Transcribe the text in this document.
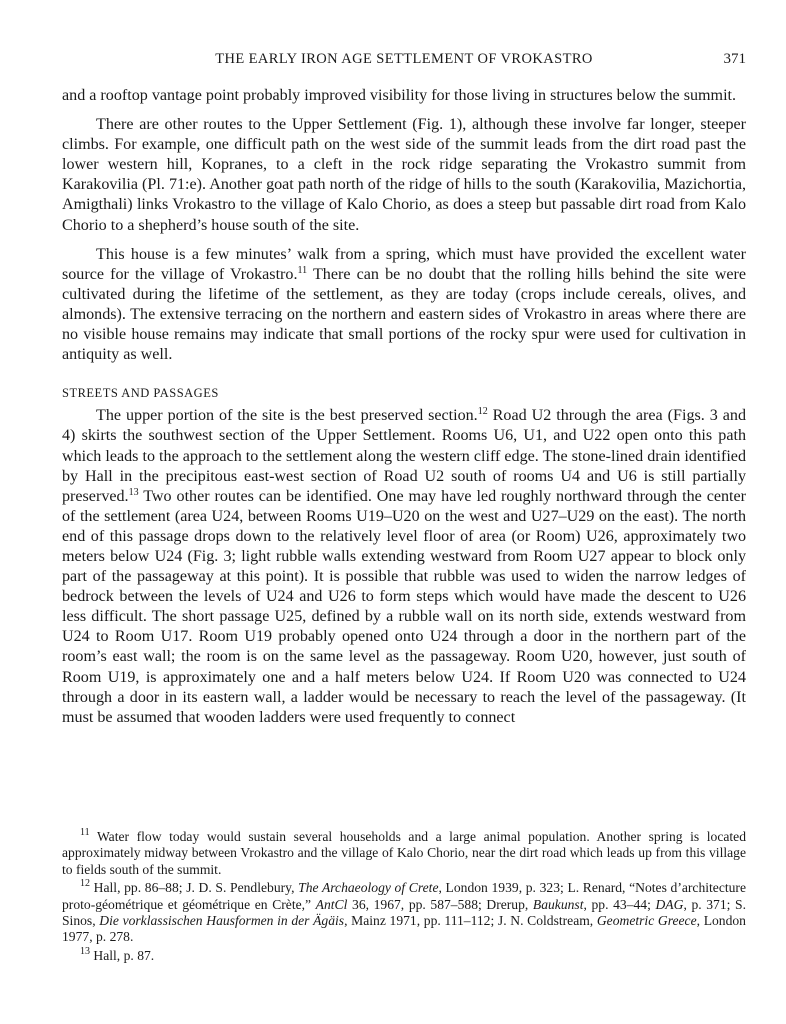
THE EARLY IRON AGE SETTLEMENT OF VROKASTRO	371

and a rooftop vantage point probably improved visibility for those living in structures below the summit.

There are other routes to the Upper Settlement (Fig. 1), although these involve far longer, steeper climbs. For example, one difficult path on the west side of the summit leads from the dirt road past the lower western hill, Kopranes, to a cleft in the rock ridge separating the Vrokastro summit from Karakovilia (Pl. 71:e). Another goat path north of the ridge of hills to the south (Karakovilia, Mazichortia, Amigthali) links Vrokastro to the village of Kalo Chorio, as does a steep but passable dirt road from Kalo Chorio to a shepherd’s house south of the site.

This house is a few minutes’ walk from a spring, which must have provided the excellent water source for the village of Vrokastro.$^{11}$ There can be no doubt that the rolling hills behind the site were cultivated during the lifetime of the settlement, as they are today (crops include cereals, olives, and almonds). The extensive terracing on the northern and eastern sides of Vrokastro in areas where there are no visible house remains may indicate that small portions of the rocky spur were used for cultivation in antiquity as well.

STREETS AND PASSAGES

The upper portion of the site is the best preserved section.$^{12}$ Road U2 through the area (Figs. 3 and 4) skirts the southwest section of the Upper Settlement. Rooms U6, U1, and U22 open onto this path which leads to the approach to the settlement along the western cliff edge. The stone-lined drain identified by Hall in the precipitous east-west section of Road U2 south of rooms U4 and U6 is still partially preserved.$^{13}$ Two other routes can be identified. One may have led roughly northward through the center of the settlement (area U24, between Rooms U19–U20 on the west and U27–U29 on the east). The north end of this passage drops down to the relatively level floor of area (or Room) U26, approximately two meters below U24 (Fig. 3; light rubble walls extending westward from Room U27 appear to block only part of the passageway at this point). It is possible that rubble was used to widen the narrow ledges of bedrock between the levels of U24 and U26 to form steps which would have made the descent to U26 less difficult. The short passage U25, defined by a rubble wall on its north side, extends westward from U24 to Room U17. Room U19 probably opened onto U24 through a door in the northern part of the room’s east wall; the room is on the same level as the passageway. Room U20, however, just south of Room U19, is approximately one and a half meters below U24. If Room U20 was connected to U24 through a door in its eastern wall, a ladder would be necessary to reach the level of the passageway. (It must be assumed that wooden ladders were used frequently to connect

$^{11}$ Water flow today would sustain several households and a large animal population. Another spring is located approximately midway between Vrokastro and the village of Kalo Chorio, near the dirt road which leads up from this village to fields south of the summit.

$^{12}$ Hall, pp. 86–88; J. D. S. Pendlebury, The Archaeology of Crete, London 1939, p. 323; L. Renard, “Notes d’architecture proto-géométrique et géométrique en Crète,” AntCl 36, 1967, pp. 587–588; Drerup, Baukunst, pp. 43–44; DAG, p. 371; S. Sinos, Die vorklassischen Hausformen in der Ägäis, Mainz 1971, pp. 111–112; J. N. Coldstream, Geometric Greece, London 1977, p. 278.

$^{13}$ Hall, p. 87.
